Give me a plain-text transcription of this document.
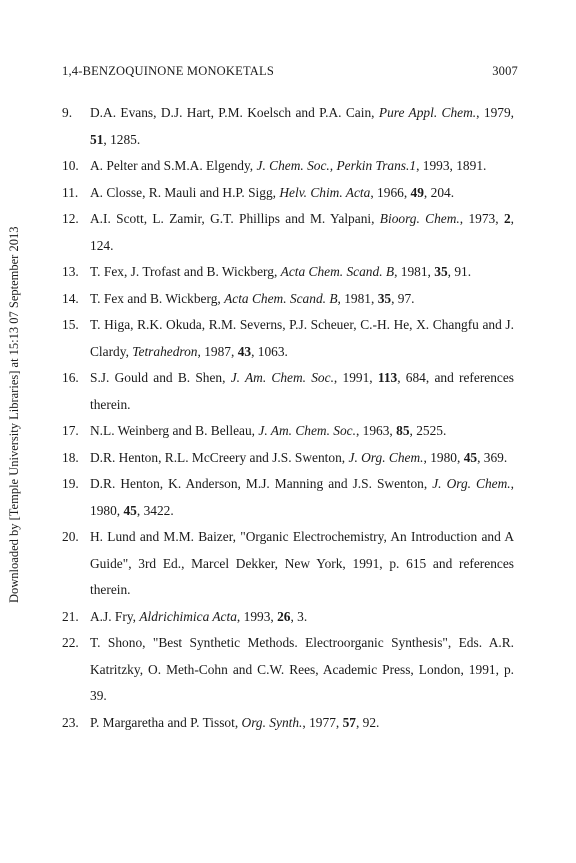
Downloaded by [Temple University Libraries] at 15:13 07 September 2013
1,4-BENZOQUINONE MONOKETALS	3007
9.	D.A. Evans, D.J. Hart, P.M. Koelsch and P.A. Cain, Pure Appl. Chem., 1979, 51, 1285.
10. A. Pelter and S.M.A. Elgendy, J. Chem. Soc., Perkin Trans.1, 1993, 1891.
11. A. Closse, R. Mauli and H.P. Sigg, Helv. Chim. Acta, 1966, 49, 204.
12. A.I. Scott, L. Zamir, G.T. Phillips and M. Yalpani, Bioorg. Chem., 1973, 2, 124.
13. T. Fex, J. Trofast and B. Wickberg, Acta Chem. Scand. B, 1981, 35, 91.
14. T. Fex and B. Wickberg, Acta Chem. Scand. B, 1981, 35, 97.
15. T. Higa, R.K. Okuda, R.M. Severns, P.J. Scheuer, C.-H. He, X. Changfu and J. Clardy, Tetrahedron, 1987, 43, 1063.
16. S.J. Gould and B. Shen, J. Am. Chem. Soc., 1991, 113, 684, and references therein.
17. N.L. Weinberg and B. Belleau, J. Am. Chem. Soc., 1963, 85, 2525.
18. D.R. Henton, R.L. McCreery and J.S. Swenton, J. Org. Chem., 1980, 45, 369.
19. D.R. Henton, K. Anderson, M.J. Manning and J.S. Swenton, J. Org. Chem., 1980, 45, 3422.
20. H. Lund and M.M. Baizer, "Organic Electrochemistry, An Introduction and A Guide", 3rd Ed., Marcel Dekker, New York, 1991, p. 615 and references therein.
21. A.J. Fry, Aldrichimica Acta, 1993, 26, 3.
22. T. Shono, "Best Synthetic Methods. Electroorganic Synthesis", Eds. A.R. Katritzky, O. Meth-Cohn and C.W. Rees, Academic Press, London, 1991, p. 39.
23. P. Margaretha and P. Tissot, Org. Synth., 1977, 57, 92.
